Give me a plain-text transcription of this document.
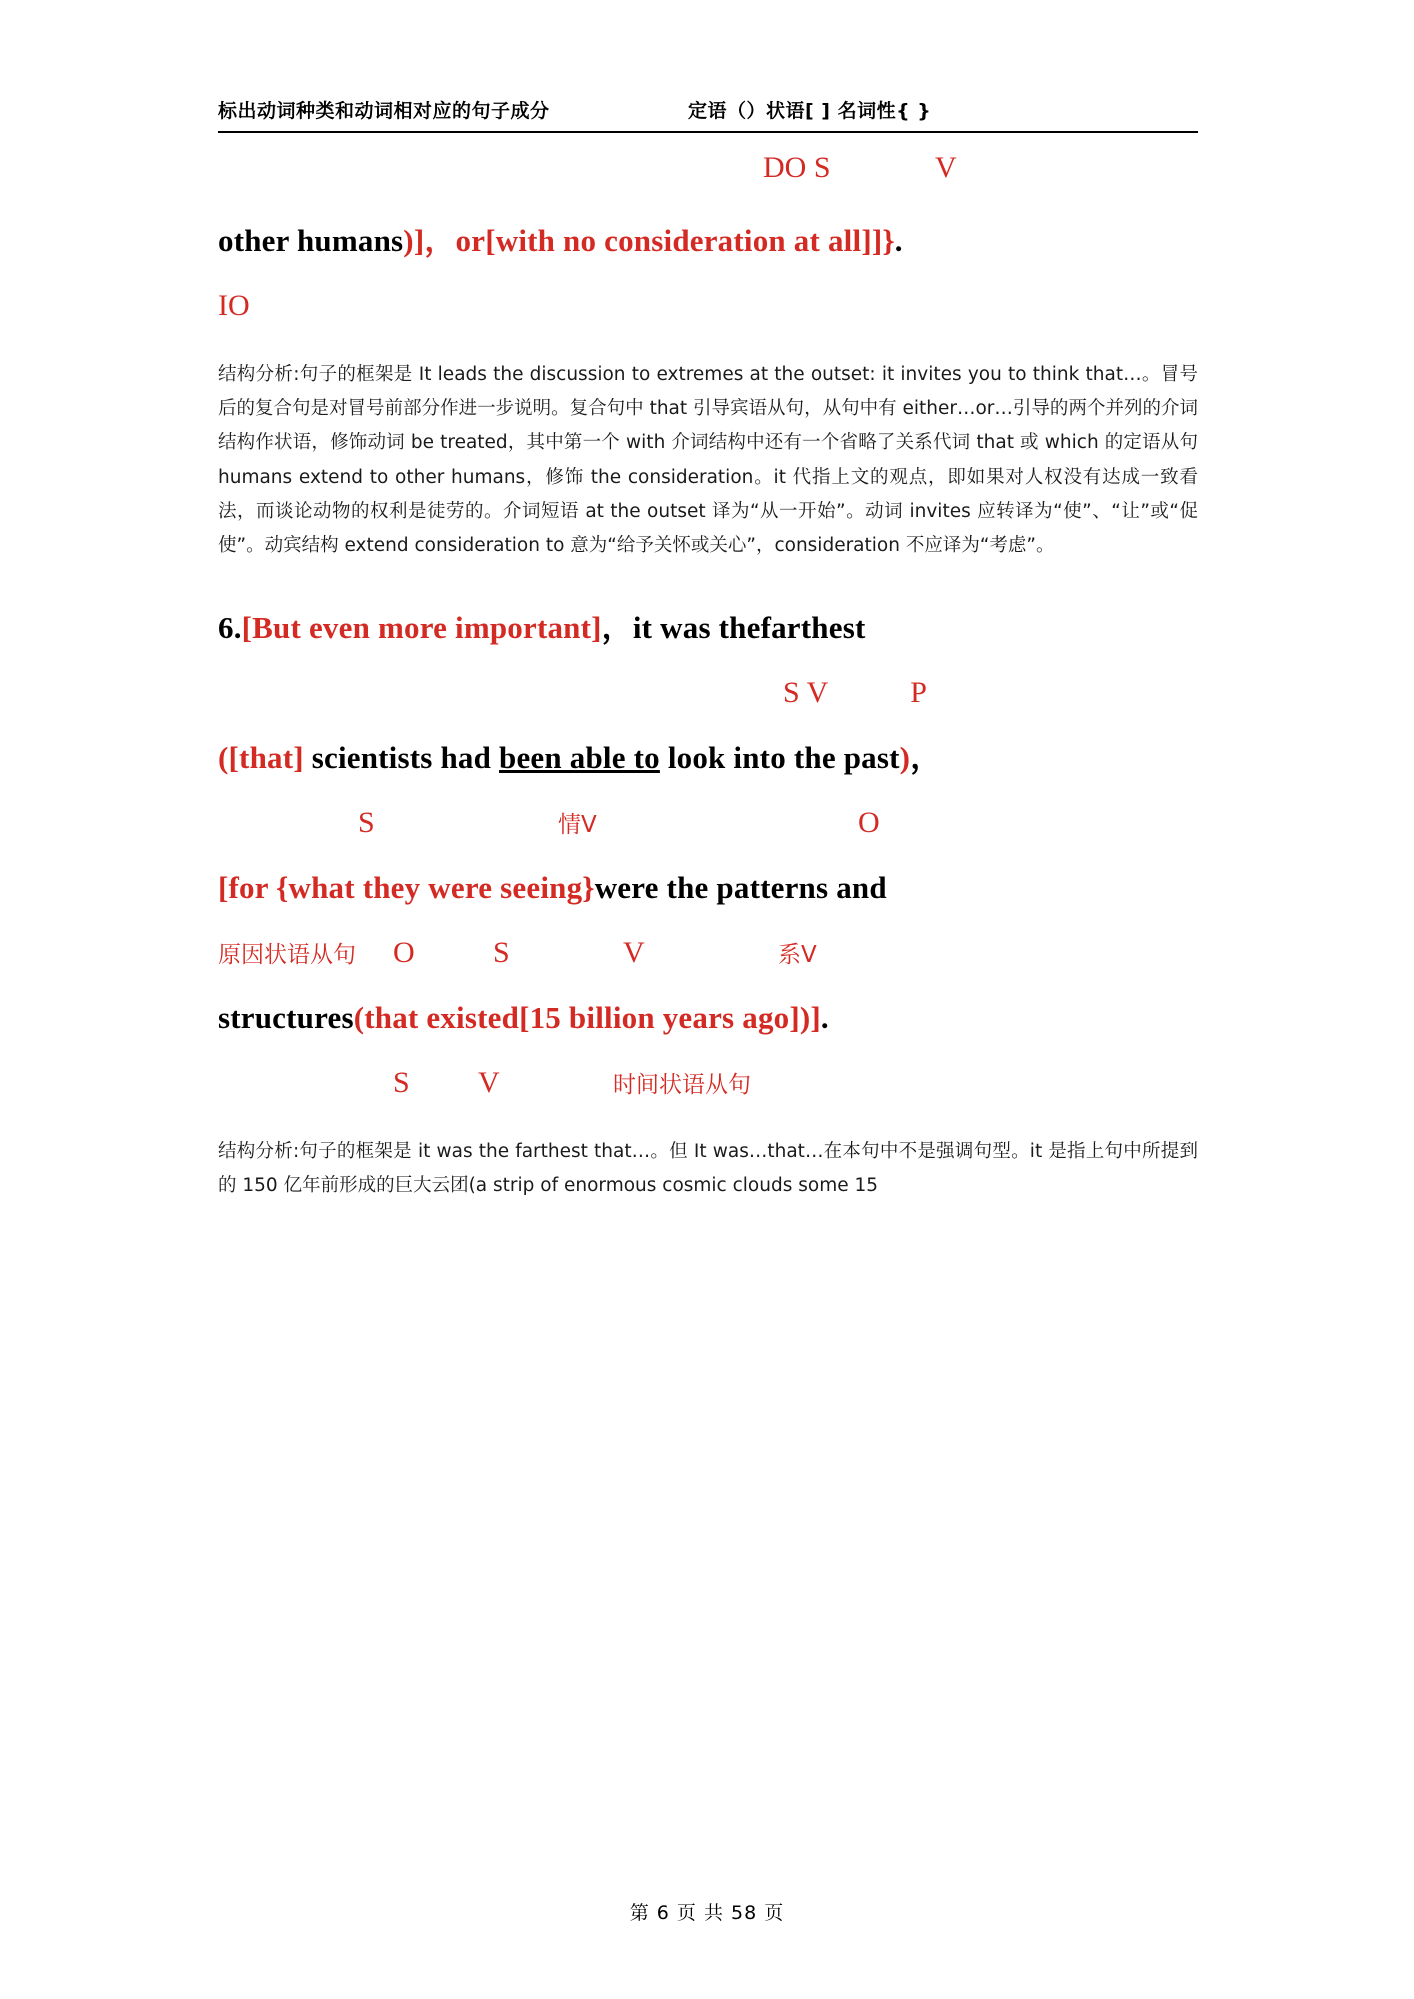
标出动词种类和动词相对应的句子成分	定语（）状语[ ] 名词性{ }
DO S              V
other humans)]，or[with no consideration at all]]}.
IO
结构分析:句子的框架是 It leads the discussion to extremes at the outset: it invites you to think that…。冒号后的复合句是对冒号前部分作进一步说明。复合句中 that 引导宾语从句，从句中有 either…or…引导的两个并列的介词结构作状语，修饰动词 be treated，其中第一个 with 介词结构中还有一个省略了关系代词 that 或 which 的定语从句 humans extend to other humans，修饰 the consideration。it 代指上文的观点，即如果对人权没有达成一致看法，而谈论动物的权利是徒劳的。介词短语 at the outset 译为“从一开始”。动词 invites 应转译为“使”、“让”或“促使”。动宾结构 extend consideration to 意为“给予关怀或关心”，consideration 不应译为“考虑”。
6.[But even more important]，it was thefarthest
S V           P
([that] scientists had been able to look into the past)，
S	情V	O
[for {what they were seeing}were the patterns and
原因状语从句 O	S	V	系V
structures(that existed[15 billion years ago])].
S V	时间状语从句
结构分析:句子的框架是 it was the farthest that…。但 It was…that…在本句中不是强调句型。it 是指上句中所提到的 150 亿年前形成的巨大云团(a strip of enormous cosmic clouds some 15
第 6 页 共 58 页
